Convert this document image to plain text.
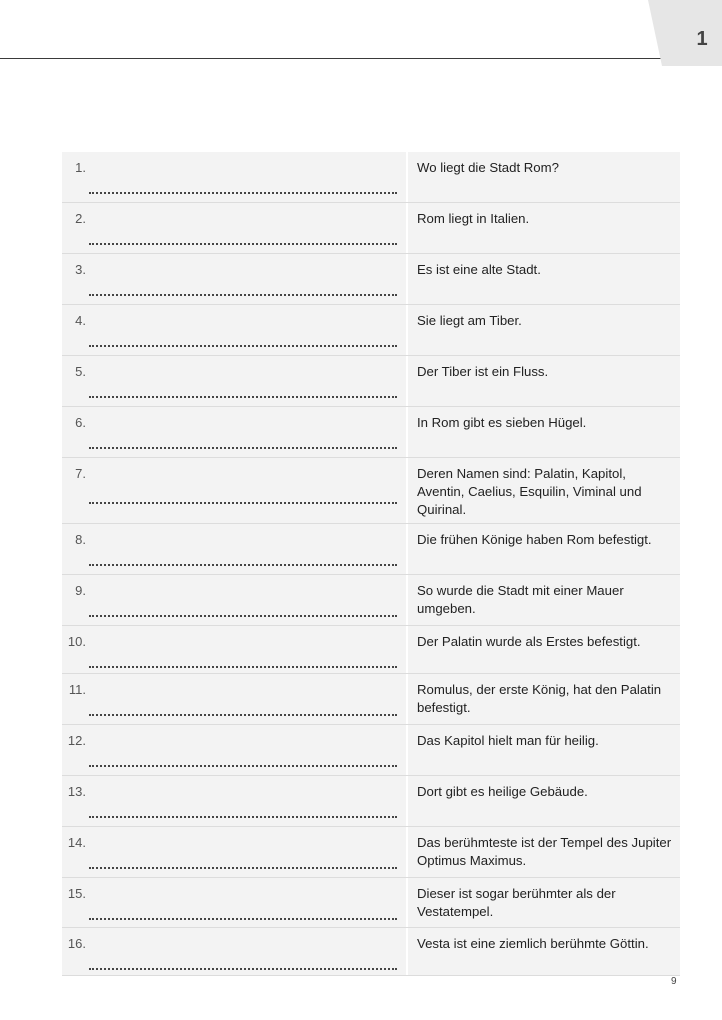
1
1.	Wo liegt die Stadt Rom?
2.	Rom liegt in Italien.
3.	Es ist eine alte Stadt.
4.	Sie liegt am Tiber.
5.	Der Tiber ist ein Fluss.
6.	In Rom gibt es sieben Hügel.
7.	Deren Namen sind: Palatin, Kapitol, Aventin, Caelius, Esquilin, Viminal und Quirinal.
8.	Die frühen Könige haben Rom befestigt.
9.	So wurde die Stadt mit einer Mauer umgeben.
10.	Der Palatin wurde als Erstes befestigt.
11.	Romulus, der erste König, hat den Palatin befestigt.
12.	Das Kapitol hielt man für heilig.
13.	Dort gibt es heilige Gebäude.
14.	Das berühmteste ist der Tempel des Jupiter Optimus Maximus.
15.	Dieser ist sogar berühmter als der Vestatempel.
16.	Vesta ist eine ziemlich berühmte Göttin.
9
